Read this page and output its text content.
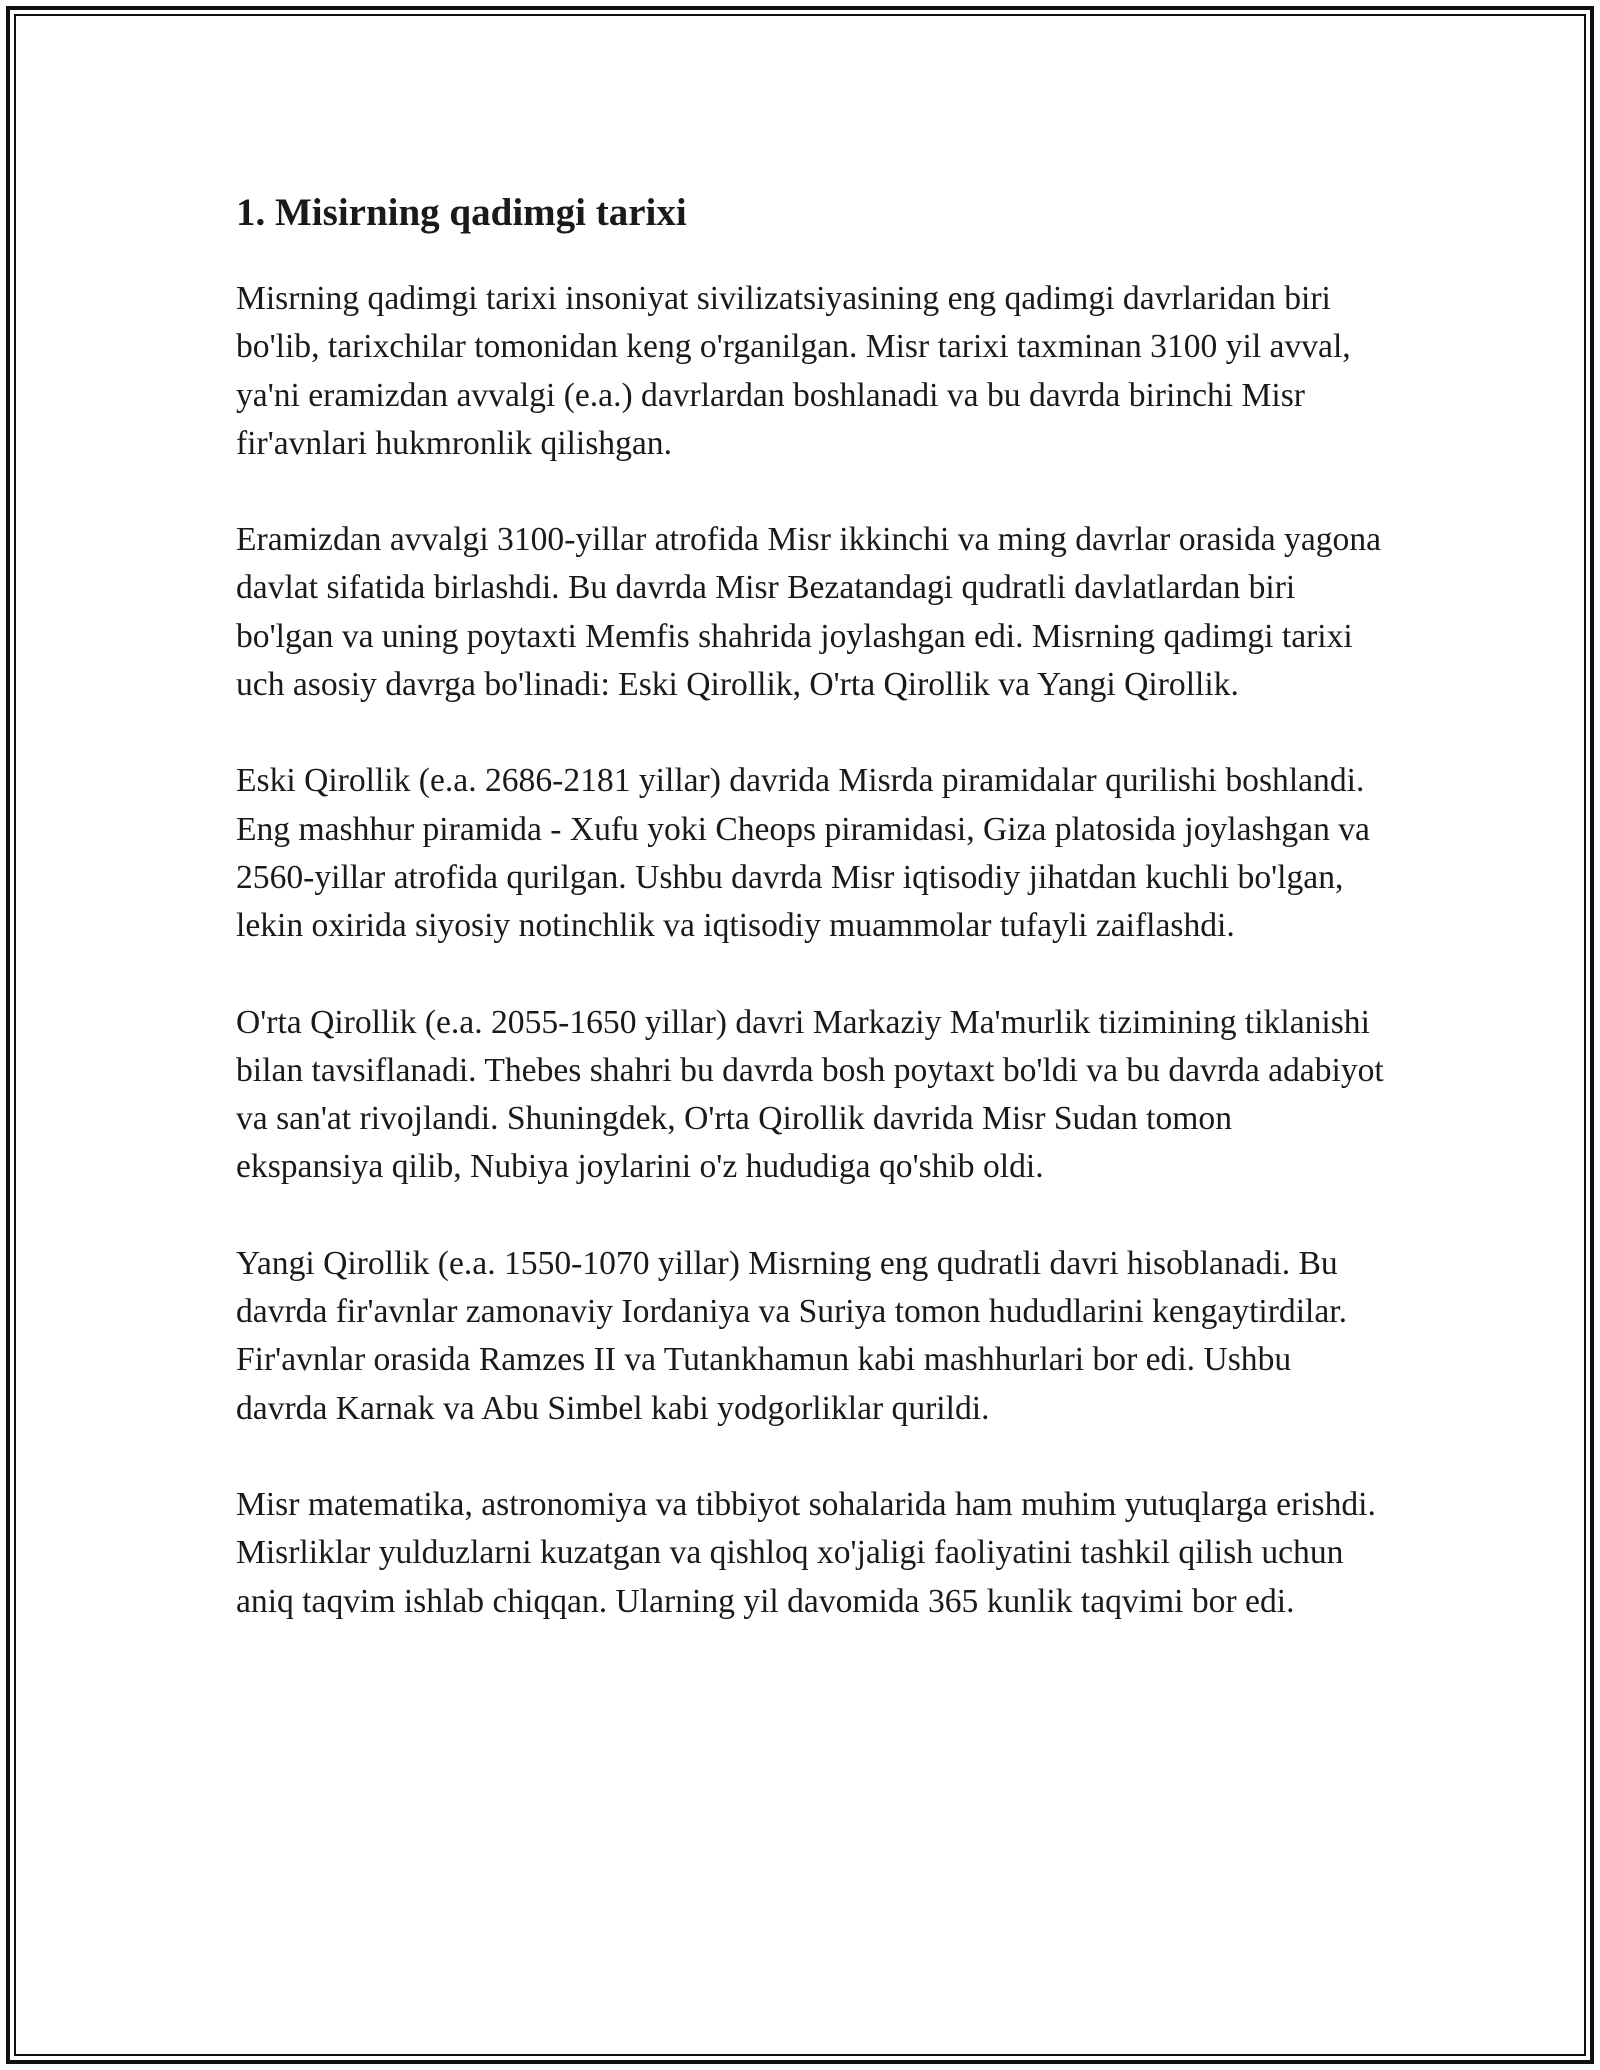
1. Misirning qadimgi tarixi

Misrning qadimgi tarixi insoniyat sivilizatsiyasining eng qadimgi davrlaridan biri bo'lib, tarixchilar tomonidan keng o'rganilgan. Misr tarixi taxminan 3100 yil avval, ya'ni eramizdan avvalgi (e.a.) davrlardan boshlanadi va bu davrda birinchi Misr fir'avnlari hukmronlik qilishgan.

Eramizdan avvalgi 3100-yillar atrofida Misr ikkinchi va ming davrlar orasida yagona davlat sifatida birlashdi. Bu davrda Misr Bezatandagi qudratli davlatlardan biri bo'lgan va uning poytaxti Memfis shahrida joylashgan edi. Misrning qadimgi tarixi uch asosiy davrga bo'linadi: Eski Qirollik, O'rta Qirollik va Yangi Qirollik.

Eski Qirollik (e.a. 2686-2181 yillar) davrida Misrda piramidalar qurilishi boshlandi. Eng mashhur piramida - Xufu yoki Cheops piramidasi, Giza platosida joylashgan va 2560-yillar atrofida qurilgan. Ushbu davrda Misr iqtisodiy jihatdan kuchli bo'lgan, lekin oxirida siyosiy notinchlik va iqtisodiy muammolar tufayli zaiflashdi.

O'rta Qirollik (e.a. 2055-1650 yillar) davri Markaziy Ma'murlik tizimining tiklanishi bilan tavsiflanadi. Thebes shahri bu davrda bosh poytaxt bo'ldi va bu davrda adabiyot va san'at rivojlandi. Shuningdek, O'rta Qirollik davrida Misr Sudan tomon ekspansiya qilib, Nubiya joylarini o'z hududiga qo'shib oldi.

Yangi Qirollik (e.a. 1550-1070 yillar) Misrning eng qudratli davri hisoblanadi. Bu davrda fir'avnlar zamonaviy Iordaniya va Suriya tomon hududlarini kengaytirdilar. Fir'avnlar orasida Ramzes II va Tutankhamun kabi mashhurlari bor edi. Ushbu davrda Karnak va Abu Simbel kabi yodgorliklar qurildi.

Misr matematika, astronomiya va tibbiyot sohalarida ham muhim yutuqlarga erishdi. Misrliklar yulduzlarni kuzatgan va qishloq xo'jaligi faoliyatini tashkil qilish uchun aniq taqvim ishlab chiqqan. Ularning yil davomida 365 kunlik taqvimi bor edi.
